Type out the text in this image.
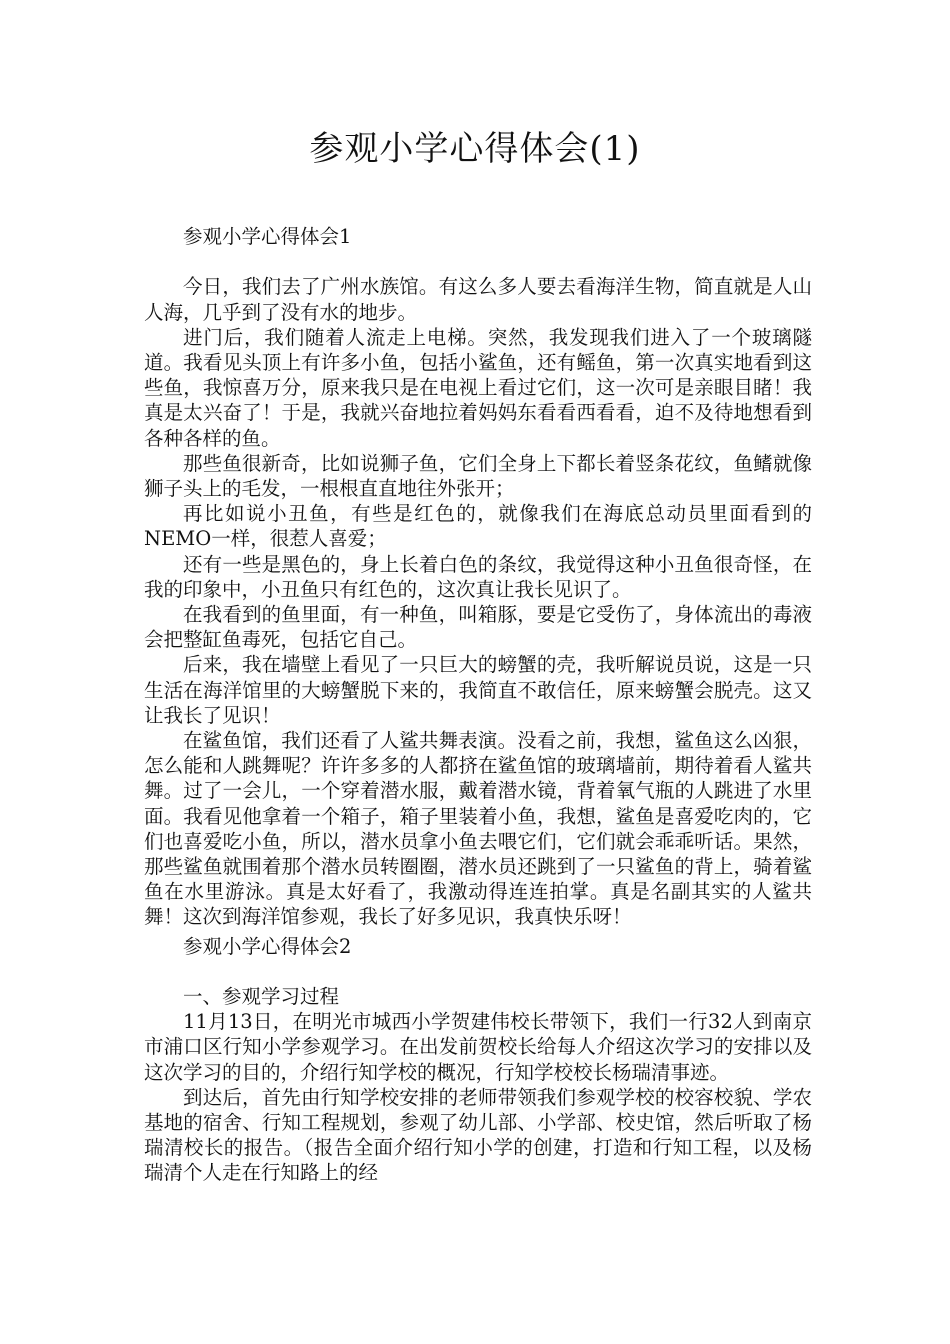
参观小学心得体会(1)
参观小学心得体会1

今日，我们去了广州水族馆。有这么多人要去看海洋生物，简直就是人山人海，几乎到了没有水的地步。

进门后，我们随着人流走上电梯。突然，我发现我们进入了一个玻璃隧道。我看见头顶上有许多小鱼，包括小鲨鱼，还有鳐鱼，第一次真实地看到这些鱼，我惊喜万分，原来我只是在电视上看过它们，这一次可是亲眼目睹！我真是太兴奋了！于是，我就兴奋地拉着妈妈东看看西看看，迫不及待地想看到各种各样的鱼。

那些鱼很新奇，比如说狮子鱼，它们全身上下都长着竖条花纹，鱼鳍就像狮子头上的毛发，一根根直直地往外张开；

再比如说小丑鱼，有些是红色的，就像我们在海底总动员里面看到的NEMO一样，很惹人喜爱；

还有一些是黑色的，身上长着白色的条纹，我觉得这种小丑鱼很奇怪，在我的印象中，小丑鱼只有红色的，这次真让我长见识了。

在我看到的鱼里面，有一种鱼，叫箱豚，要是它受伤了，身体流出的毒液会把整缸鱼毒死，包括它自己。

后来，我在墙壁上看见了一只巨大的螃蟹的壳，我听解说员说，这是一只生活在海洋馆里的大螃蟹脱下来的，我简直不敢信任，原来螃蟹会脱壳。这又让我长了见识！

在鲨鱼馆，我们还看了人鲨共舞表演。没看之前，我想，鲨鱼这么凶狠，怎么能和人跳舞呢？许许多多的人都挤在鲨鱼馆的玻璃墙前，期待着看人鲨共舞。过了一会儿，一个穿着潜水服，戴着潜水镜，背着氧气瓶的人跳进了水里面。我看见他拿着一个箱子，箱子里装着小鱼，我想，鲨鱼是喜爱吃肉的，它们也喜爱吃小鱼，所以，潜水员拿小鱼去喂它们，它们就会乖乖听话。果然，那些鲨鱼就围着那个潜水员转圈圈，潜水员还跳到了一只鲨鱼的背上，骑着鲨鱼在水里游泳。真是太好看了，我激动得连连拍掌。真是名副其实的人鲨共舞！这次到海洋馆参观，我长了好多见识，我真快乐呀！

参观小学心得体会2
一、参观学习过程

11月13日，在明光市城西小学贺建伟校长带领下，我们一行32人到南京市浦口区行知小学参观学习。在出发前贺校长给每人介绍这次学习的安排以及这次学习的目的，介绍行知学校的概况，行知学校校长杨瑞清事迹。

到达后，首先由行知学校安排的老师带领我们参观学校的校容校貌、学农基地的宿舍、行知工程规划，参观了幼儿部、小学部、校史馆，然后听取了杨瑞清校长的报告。（报告全面介绍行知小学的创建，打造和行知工程，以及杨瑞清个人走在行知路上的经
